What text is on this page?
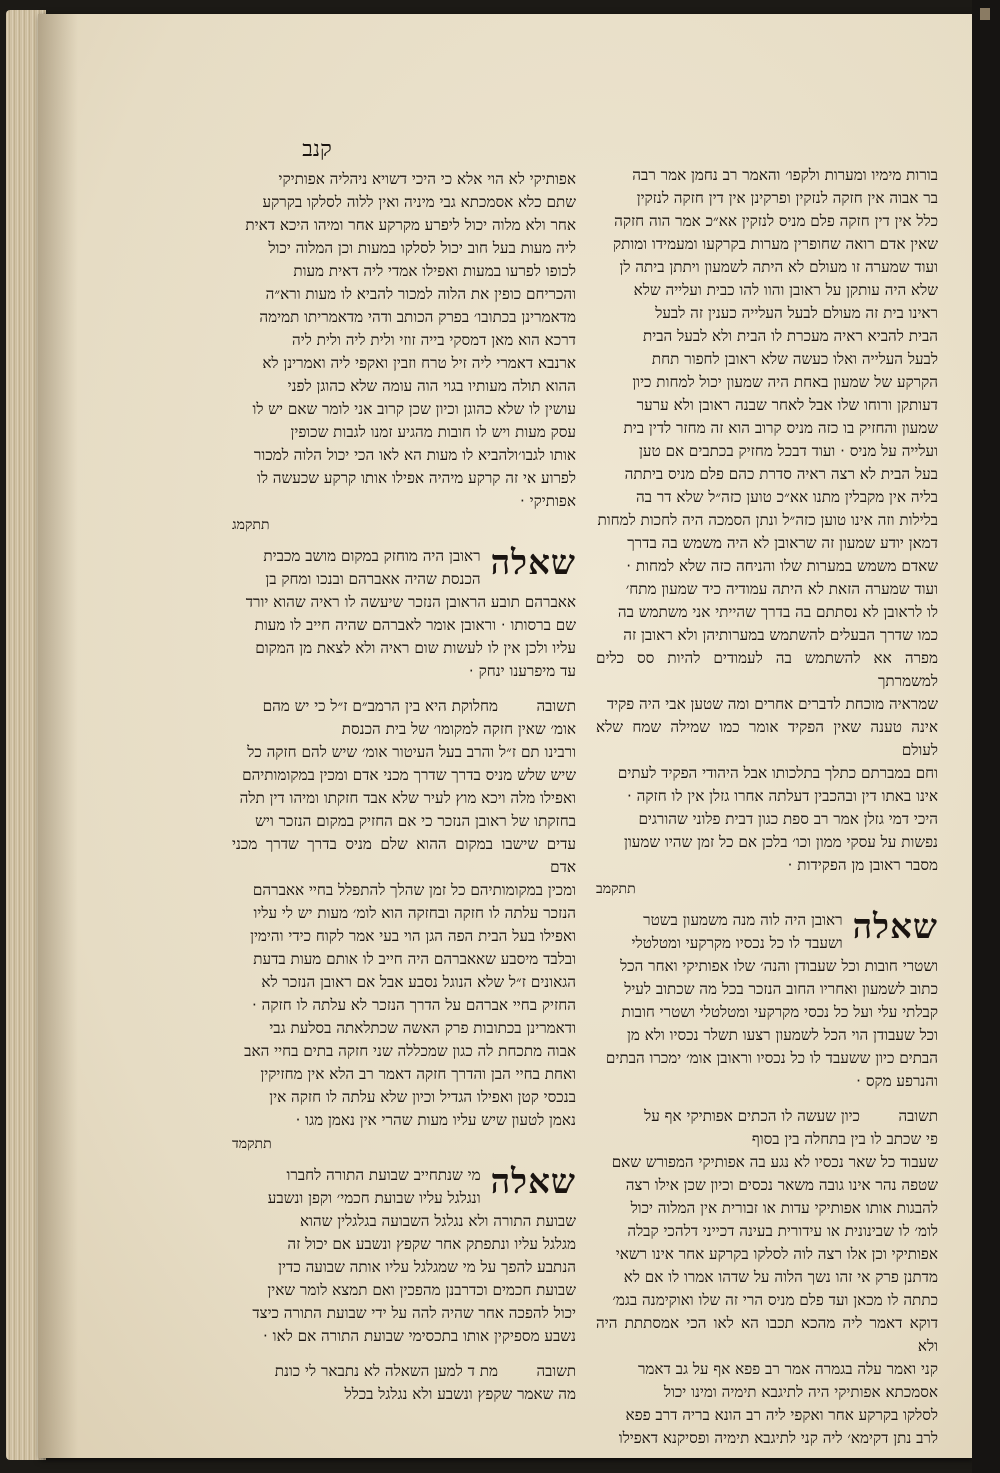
קנב

בורות מימיו ומערות ולקפו׳ והאמר רב נחמן אמר רבה

בר אבוה אין חזקה לנזקין ופרקינן אין דין חזקה לנזקין

כלל אין דין חזקה פלם מניס לנזקין אא״כ אמר הוה חזקה

שאין אדם רואה שחופרין מערות בקרקעו ומעמידו ומותק

ועוד שמערה זו מעולם לא היתה לשמעון ויתתן ביתה לן

שלא היה עותקן על ראובן והוו להו כבית ועלייה שלא

ראינו בית זה מעולם לבעל העלייה כענין זה לבעל

הבית להביא ראיה מעכרת לו הבית ולא לבעל הבית

לבעל העלייה ואלו כעשה שלא ראובן לחפור תחת

הקרקע של שמעון באחת היה שמעון יכול למחות כיון

דעותקן ורוחו שלו אבל לאחר שבנה ראובן ולא ערער

שמעון והחזיק בו כזה מניס קרוב הוא זה מחזר לדין בית

ועלייה על מניס ‧ ועוד דבכל מחזיק בכתבים אם טען

בעל הבית לא רצה ראיה סדרת כהם פלם מניס ביתתה

בליה אין מקבלין מתנו אא״כ טוען כזה״ל שלא דר בה

בלילות וזה אינו טוען כזה״ל ונתן הסמכה היה לחכות למחות

דמאן יודע שמעון זה שראובן לא היה משמש בה בדרך

שאדם משמש במערות שלו והניחה כזה שלא למחות ‧

ועוד שמערה הזאת לא היתה עמודיה כיד שמעון מתח׳

לו לראובן לא נסתתם בה בדרך שהייתי אני משתמש בה

כמו שדרך הבעלים להשתמש במערותיהן ולא ראובן זה

מפרה אא להשתמש בה לעמודים להיות סס כלים למשמרתך

שמראיה מוכחת לדברים אחרים ומה שטען אבי היה פקיד

אינה טענה שאין הפקיד אומר כמו שמילה שמח שלא לעולם

וחם במברתם כתלך בתלכותו אבל היהודי הפקיד לעתים

אינו באתו דין ובהכבין דעלתה אחרו גזלן אין לו חזקה ‧

היכי דמי גזלן אמר רב ספת כגון דבית פלוני שהורגים

נפשות על עסקי ממון וכו׳ בלכן אם כל זמן שהיו שמעון

מסבר ראובן מן הפקידות ‧

תתקמב

שאלה

ראובן היה לוה מנה משמעון בשטר

ושעבד לו כל נכסיו מקרקעי ומטלטלי

ושטרי חובות וכל שעבודן והנה׳ שלו אפותיקי ואחר הכל

כתוב לשמעון ואחריו החוב הנזכר בכל מה שכתוב לעיל

קבלתי עלי ועל כל נכסי מקרקעי ומטלטלי ושטרי חובות

וכל שעבודן הוי הכל לשמעון רצעו תשלר נכסיו ולא מן

הבתים כיון ששעבד לו כל נכסיו וראובן אומ׳ ימכרו הבתים

והנרפע מקס ‧

תשובה

כיון שעשה לו הכתים אפותיקי אף על

פי שכתב לו בין בתחלה בין בסוף

שעבוד כל שאר נכסיו לא נגע בה אפותיקי המפורש שאם

שטפה נהר אינו גובה משאר נכסים וכיון שכן אילו רצה

להבגות אותו אפותיקי עדות או זבורית אין המלוה יכול

לומ׳ לו שבינונית או עידורית בעינה דכייני דלהכי קבלה

אפותיקי וכן אלו רצה לוה לסלקו בקרקע אחר אינו רשאי

מדתנן פרק אי זהו נשך הלוה על שדהו אמרו לו אם לא

כתתה לו מכאן ועד פלם מניס הרי זה שלו ואוקימנה בגמ׳

דוקא דאמר ליה מהכא תכבו הא לאו הכי אמסתתת היה ולא

קני ואמר עלה בגמרה אמר רב פפא אף על גב דאמר

אסמכתא אפותיקי היה לתיגבא תימיה ומינו יכול

לסלקו בקרקע אחר ואקפי ליה רב הונא בריה דרב פפא

לרב נתן דקימא׳ ליה קני לתיגבא תימיה ופסיקנא דאפילו

אפותיקי לא הוי אלא כי היכי דשויא ניהליה אפותיקי

שתם כלא אסמכתא גבי מיניה ואין ללוה לסלקו בקרקע

אחר ולא מלוה יכול ליפרע מקרקע אחר ומיהו היכא דאית

ליה מעות בעל חוב יכול לסלקו במעות וכן המלוה יכול

לכופו לפרעו במעות ואפילו אמדי ליה דאית מעות

והכריחם כופין את הלוה למכור להביא לו מעות ורא״ה

מדאמרינן בכתובו׳ בפרק הכותב ודהי מדאמריתו תמימה

דרכא הוא מאן דמסקי בייה זוזי ולית ליה ולית ליה

ארנבא דאמרי ליה זיל טרח וזבין ואקפי ליה ואמרינן לא

ההוא תולה מעותיו בגוי הוה עומה שלא כהוגן לפני

עושין לו שלא כהוגן וכיון שכן קרוב אני לומר שאם יש לו

עסק מעות ויש לו חובות מהגיע זמנו לגבות שכופין

אותו לגבו׳ולהביא לו מעות הא לאו הכי יכול הלוה למכור

לפרוע אי זה קרקע מיהיה אפילו אותו קרקע שכעשה לו

אפותיקי ‧

תתקמג

שאלה

ראובן היה מוחזק במקום מושב מכבית

הכנסת שהיה אאברהם ובנכו ומחק בן

אאברהם תובע הראובן הנזכר שיעשה לו ראיה שהוא יורד

שם ברסותו ‧ וראובן אומר לאברהם שהיה חייב לו מעות

עליו ולכן אין לו לעשות שום ראיה ולא לצאת מן המקום

עד מיפרענו ינחק ‧

תשובה

מחלוקת היא בין הרמב״ם ז״ל כי יש מהם

אומ׳ שאין חזקה למקומו׳ של בית הכנסת

ורבינו תם ז״ל והרב בעל העיטור אומ׳ שיש להם חזקה כל

שיש שלש מניס בדרך שדרך מכני אדם ומכין במקומותיהם

ואפילו מלה ויכא מוץ לעיר שלא אבד חזקתו ומיהו דין תלה

בחזקתו של ראובן הנזכר כי אם החזיק במקום הנזכר ויש

עדים שישבו במקום ההוא שלם מניס בדרך שדרך מכני אדם

ומכין במקומותיהם כל זמן שהלך להתפלל בחיי אאברהם

הנזכר עלתה לו חזקה ובחזקה הוא לומ׳ מעות יש לי עליו

ואפילו בעל הבית הפה הגן הוי בעי אמר לקוח כידי והימין

ובלבד מיסבע שאאברהם היה חייב לו אותם מעות בדעת

הגאונים ז״ל שלא הנוגל נסבע אבל אם ראובן הנזכר לא

החזיק בחיי אברהם על הדרך הנזכר לא עלתה לו חזקה ‧

ודאמרינן בכתובות פרק האשה שכתלאתה בסלעת גבי

אבוה מתכחת לה כגון שמכללה שני חזקה בתים בחיי האב

ואחת בחיי הבן והדרך חזקה דאמר רב הלא אין מחזיקין

בנכסי קטן ואפילו הגדיל וכיון שלא עלתה לו חזקה אין

נאמן לטעון שיש עליו מעות שהרי אין נאמן מגו ‧

תתקמד

שאלה

מי שנתחייב שבועת התורה לחברו

ונגלגל עליו שבועת חכמי׳ וקפן ונשבע

שבועת התורה ולא נגלגל השבועה בגלגלין שהוא

מגלגל עליו ונתפתק אחר שקפץ ונשבע אם יכול זה

הנתבע להפך על מי שמגלגל עליו אותה שבועה כדין

שבועת חכמים וכדרבנן מהפכין ואם תמצא לומר שאין

יכול להפכה אחר שהיה להה על ידי שבועת התורה כיצד

נשבע מספיקין אותו בתכסימי שבועת התורה אם לאו ‧

תשובה

מת ד למען השאלה לא נתבאר לי כונת

מה שאמר שקפץ ונשבע ולא נגלגל בכלל
